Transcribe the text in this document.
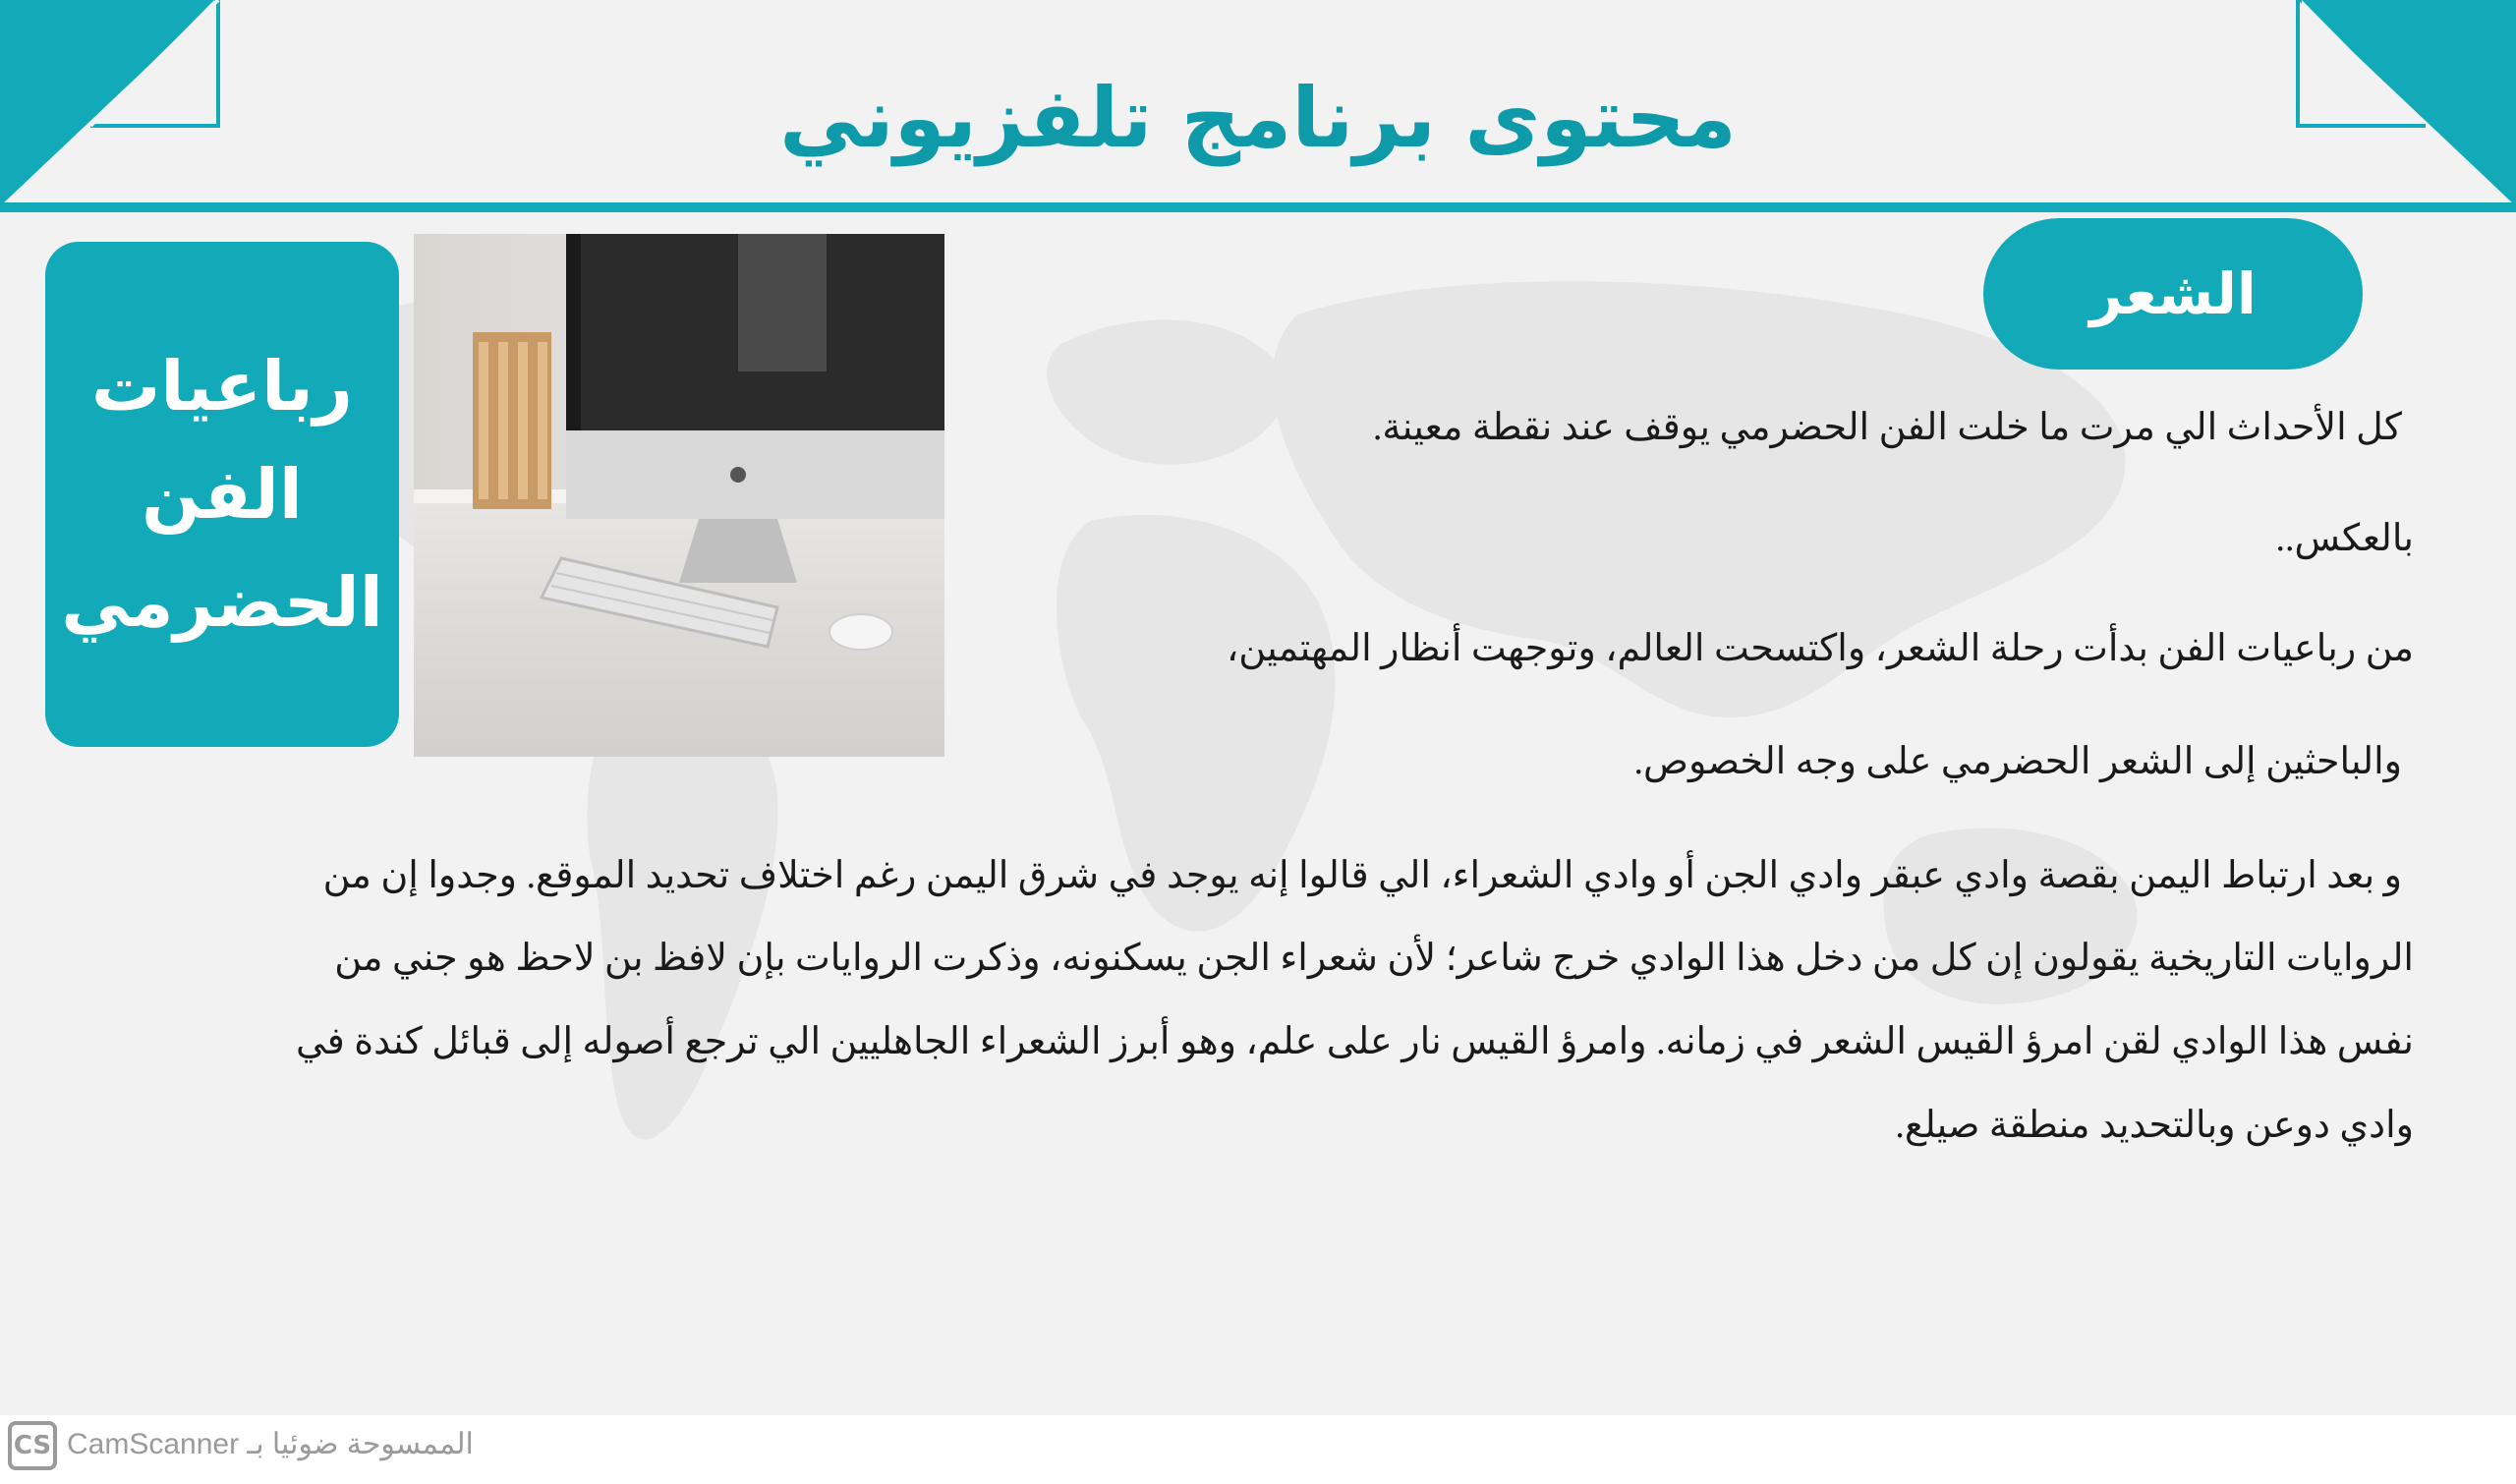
محتوى برنامج تلفزيوني
رباعيات
الفن
الحضرمي
الشعر
كل الأحداث الي مرت ما خلت الفن الحضرمي يوقف عند نقطة معينة.
بالعكس..
من رباعيات الفن بدأت رحلة الشعر، واكتسحت العالم، وتوجهت أنظار المهتمين،
والباحثين إلى الشعر الحضرمي على وجه الخصوص.
و بعد ارتباط اليمن بقصة وادي عبقر وادي الجن أو وادي الشعراء، الي قالوا إنه يوجد في شرق اليمن رغم اختلاف تحديد الموقع. وجدوا إن من
الروايات التاريخية يقولون إن كل من دخل هذا الوادي خرج شاعر؛ لأن شعراء الجن يسكنونه، وذكرت الروايات بإن لافظ بن لاحظ هو جني من
نفس هذا الوادي لقن امرؤ القيس الشعر في زمانه. وامرؤ القيس نار على علم، وهو أبرز الشعراء الجاهليين الي ترجع أصوله إلى قبائل كندة في
وادي دوعن وبالتحديد منطقة صيلع.
CS CamScanner الممسوحة ضوئيا بـ
